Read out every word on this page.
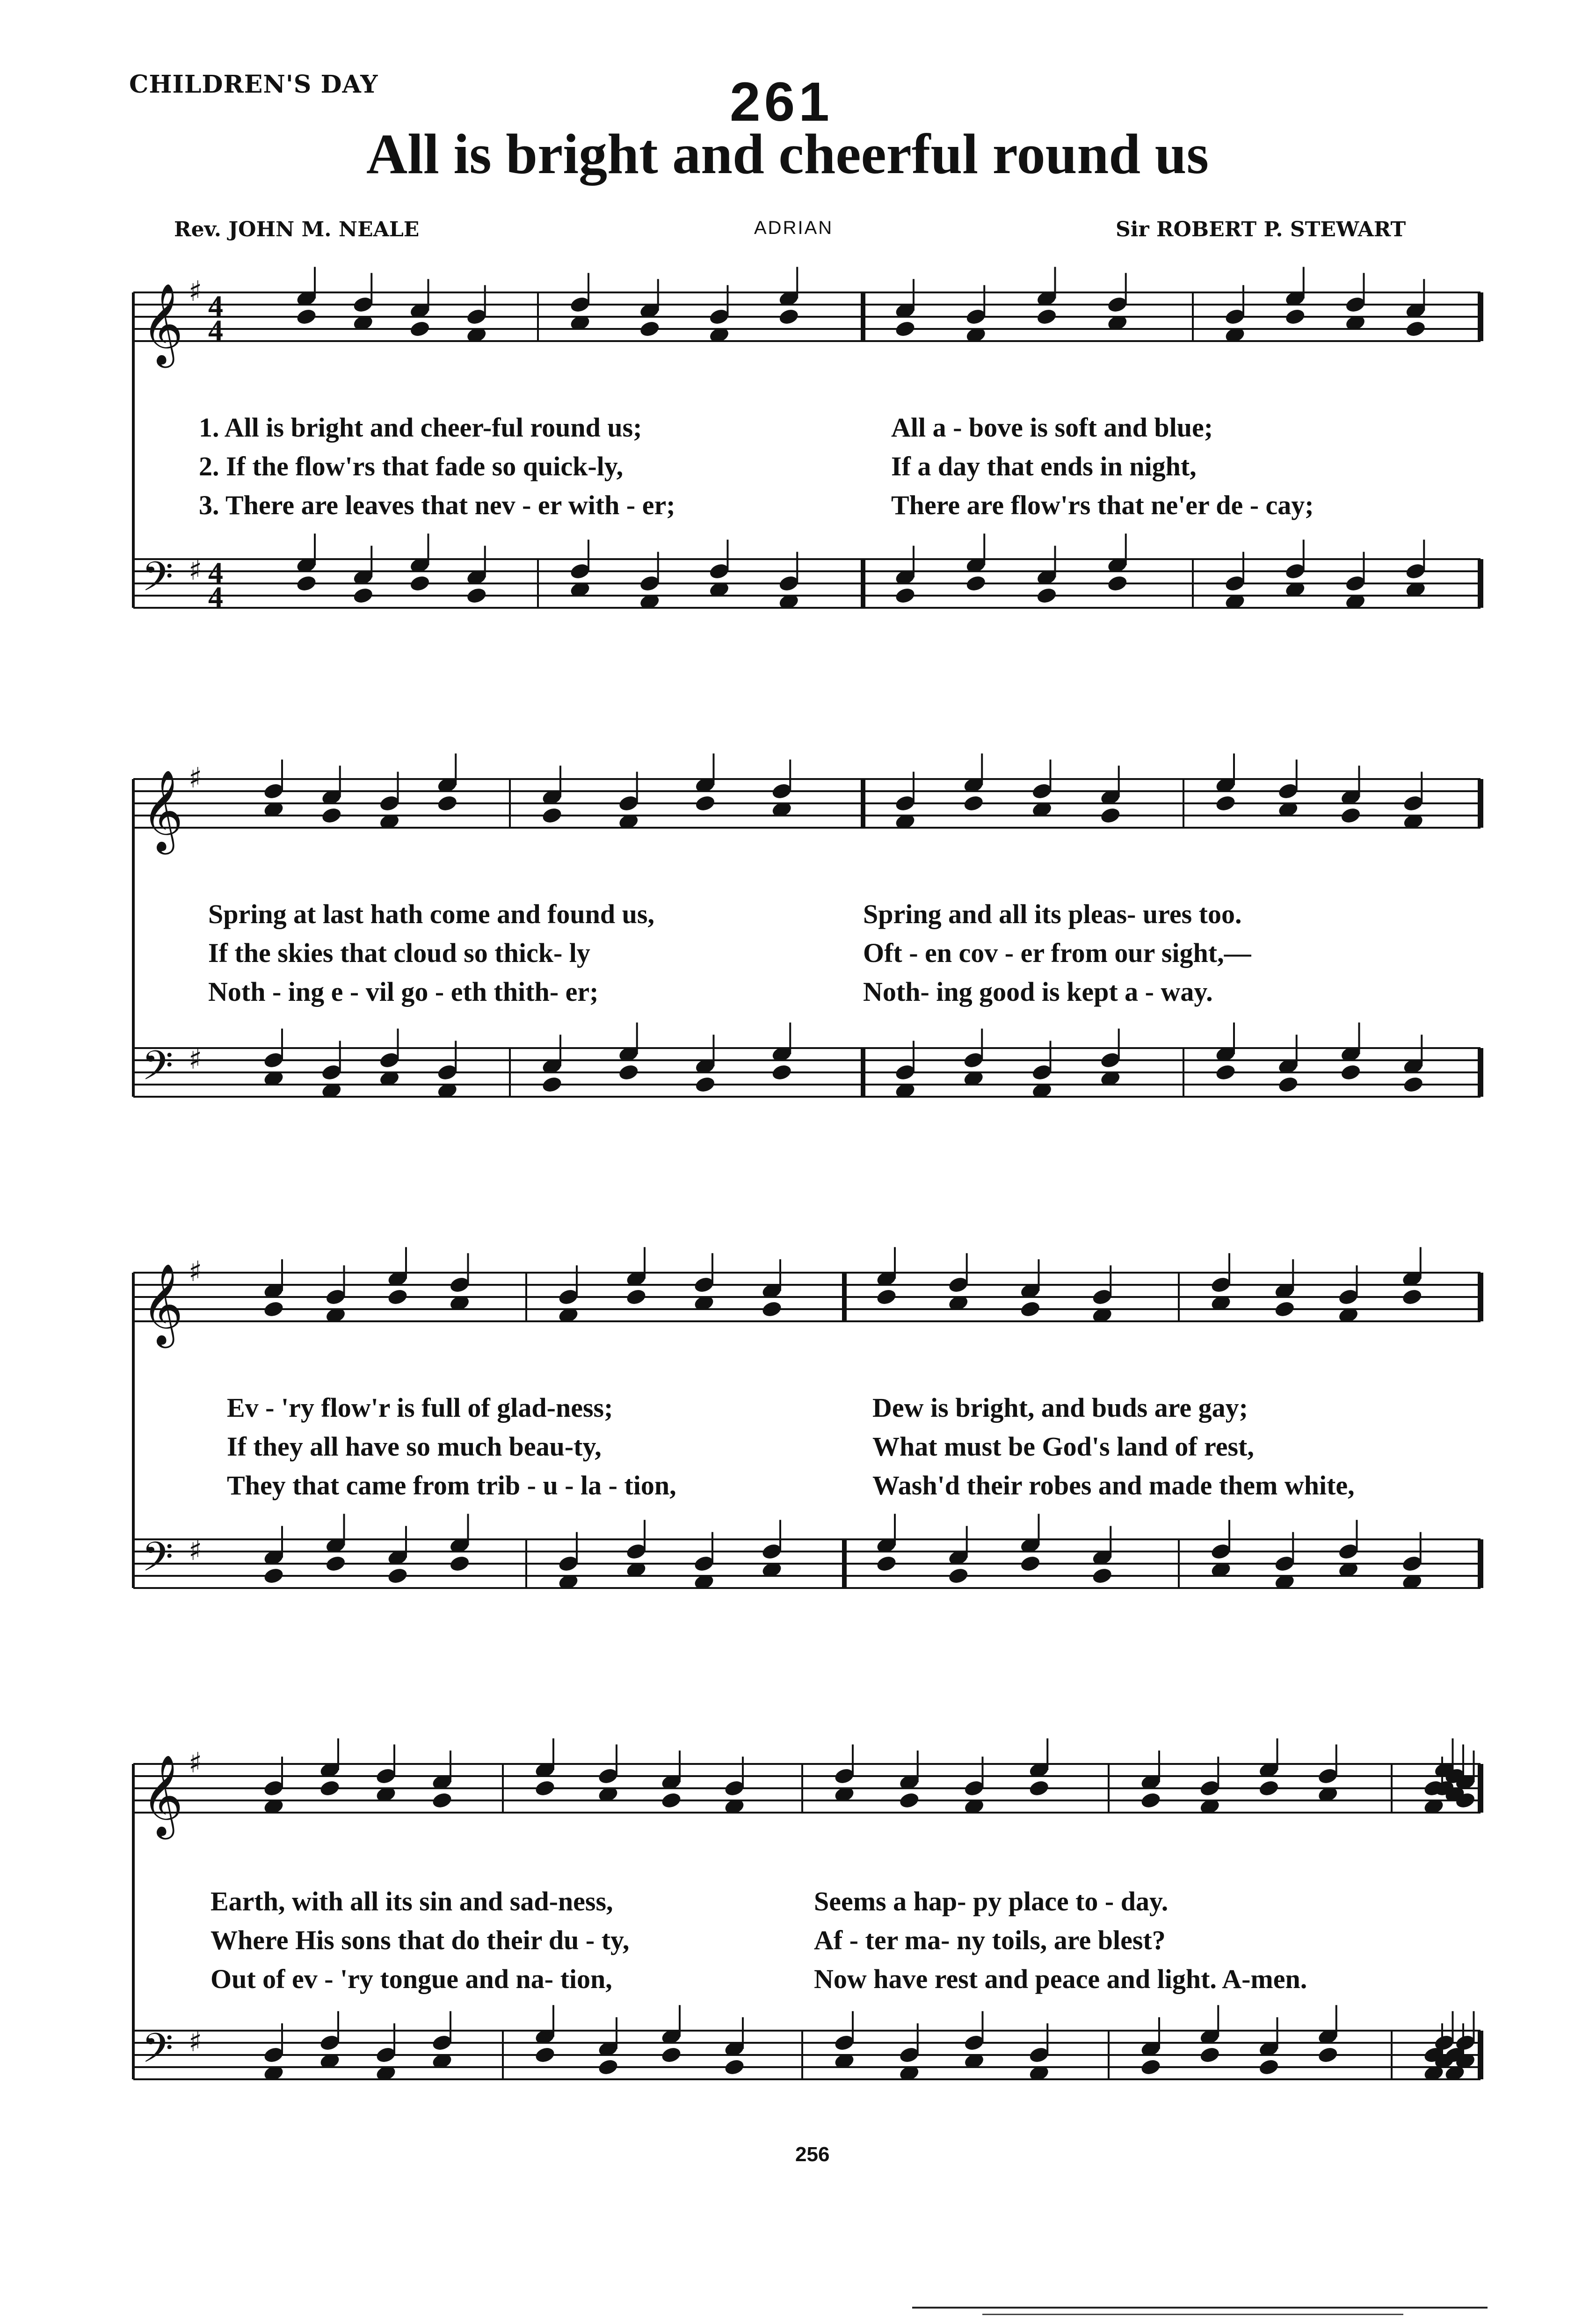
CHILDREN'S DAY	261
All is bright and cheerful round us
Rev. JOHN M. NEALE	ADRIAN	Sir ROBERT P. STEWART
𝄞 ♯
𝄢 ♯
4
4
4
4
𝄞 ♯
𝄢 ♯
𝄞 ♯
𝄢 ♯
𝄞 ♯
𝄢 ♯
1. All is bright and cheer-ful round us;	All a - bove is soft and blue;
2. If the flow'rs that fade so quick-ly,	If a day that ends in night,
3. There are leaves that nev - er with - er;	There are flow'rs that ne'er de - cay;
Spring at last hath come and found us,	Spring and all its pleas- ures too.
If the skies that cloud so thick- ly	Oft - en cov - er from our sight,—
Noth - ing e - vil go - eth thith- er;	Noth- ing good is kept a - way.
Ev - 'ry flow'r is full of glad-ness;	Dew is bright, and buds are gay;
If they all have so much beau-ty,	What must be God's land of rest,
They that came from trib - u - la - tion,	Wash'd their robes and made them white,
Earth, with all its sin and sad-ness,	Seems a hap- py place to - day.
Where His sons that do their du - ty,	Af - ter ma- ny toils, are blest?
Out of ev - 'ry tongue and na- tion,	Now have rest and peace and light. A-men.
256
